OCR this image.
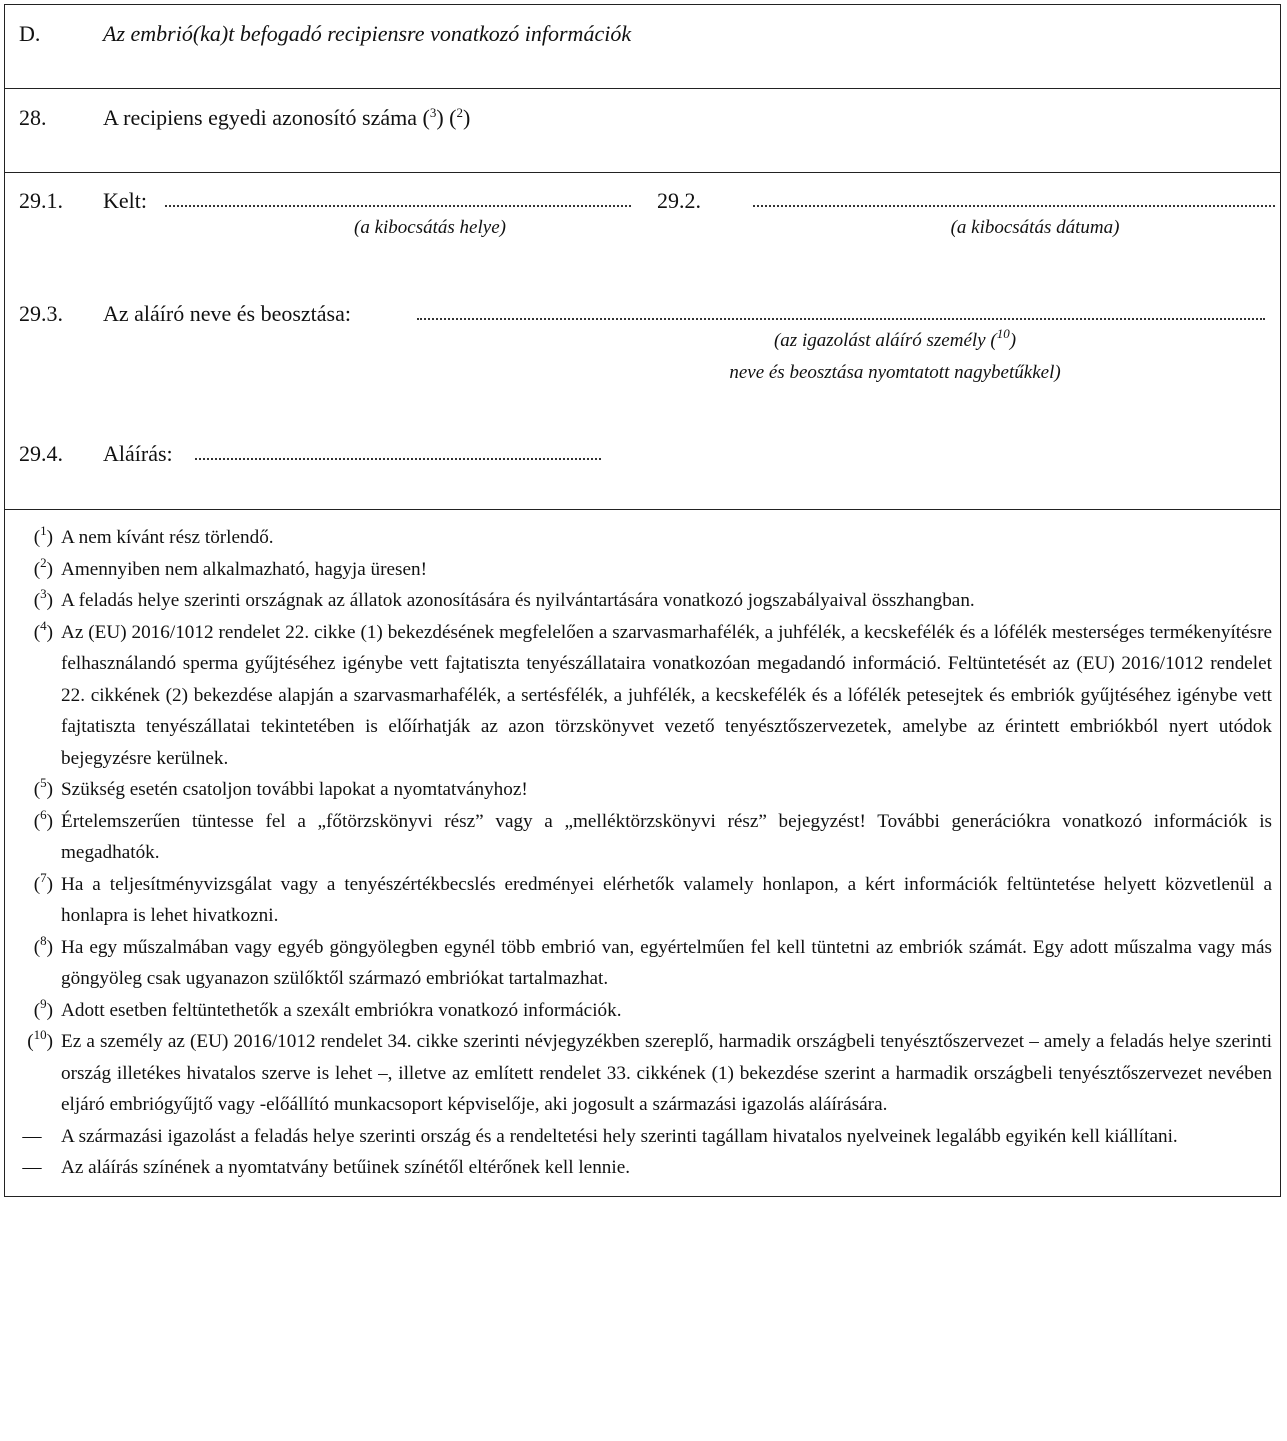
D.	Az embrió(ka)t befogadó recipiensre vonatkozó információk
28.	A recipiens egyedi azonosító száma ($^3$) ($^2$)
29.1. Kelt:
(a kibocsátás helye)
29.2.
(a kibocsátás dátuma)
29.3. Az aláíró neve és beosztása:
(az igazolást aláíró személy ($^{10}$)
neve és beosztása nyomtatott nagybetűkkel)
29.4. Aláírás:
($^1$) A nem kívánt rész törlendő.
($^2$) Amennyiben nem alkalmazható, hagyja üresen!
($^3$) A feladás helye szerinti országnak az állatok azonosítására és nyilvántartására vonatkozó jogszabályaival összhangban.
($^4$) Az (EU) 2016/1012 rendelet 22. cikke (1) bekezdésének megfelelően a szarvasmarhafélék, a juhfélék, a kecskefélék és a lófélék mesterséges termékenyítésre felhasználandó sperma gyűjtéséhez igénybe vett fajtatiszta tenyészállataira vonatkozóan megadandó információ. Feltüntetését az (EU) 2016/1012 rendelet 22. cikkének (2) bekezdése alapján a szarvasmarhafélék, a sertésfélék, a juhfélék, a kecskefélék és a lófélék petesejtek és embriók gyűjtéséhez igénybe vett fajtatiszta tenyészállatai tekintetében is előírhatják az azon törzskönyvet vezető tenyésztőszervezetek, amelybe az érintett embriókból nyert utódok bejegyzésre kerülnek.
($^5$) Szükség esetén csatoljon további lapokat a nyomtatványhoz!
($^6$) Értelemszerűen tüntesse fel a „főtörzskönyvi rész” vagy a „melléktörzskönyvi rész” bejegyzést! További generációkra vonatkozó információk is megadhatók.
($^7$) Ha a teljesítményvizsgálat vagy a tenyészértékbecslés eredményei elérhetők valamely honlapon, a kért információk feltüntetése helyett közvetlenül a honlapra is lehet hivatkozni.
($^8$) Ha egy műszalmában vagy egyéb göngyölegben egynél több embrió van, egyértelműen fel kell tüntetni az embriók számát. Egy adott műszalma vagy más göngyöleg csak ugyanazon szülőktől származó embriókat tartalmazhat.
($^9$) Adott esetben feltüntethetők a szexált embriókra vonatkozó információk.
($^{10}$) Ez a személy az (EU) 2016/1012 rendelet 34. cikke szerinti névjegyzékben szereplő, harmadik országbeli tenyésztőszervezet – amely a feladás helye szerinti ország illetékes hivatalos szerve is lehet –, illetve az említett rendelet 33. cikkének (1) bekezdése szerint a harmadik országbeli tenyésztőszervezet nevében eljáró embriógyűjtő vagy -előállító munkacsoport képviselője, aki jogosult a származási igazolás aláírására.
—	A származási igazolást a feladás helye szerinti ország és a rendeltetési hely szerinti tagállam hivatalos nyelveinek legalább egyikén kell kiállítani.
—	Az aláírás színének a nyomtatvány betűinek színétől eltérőnek kell lennie.
